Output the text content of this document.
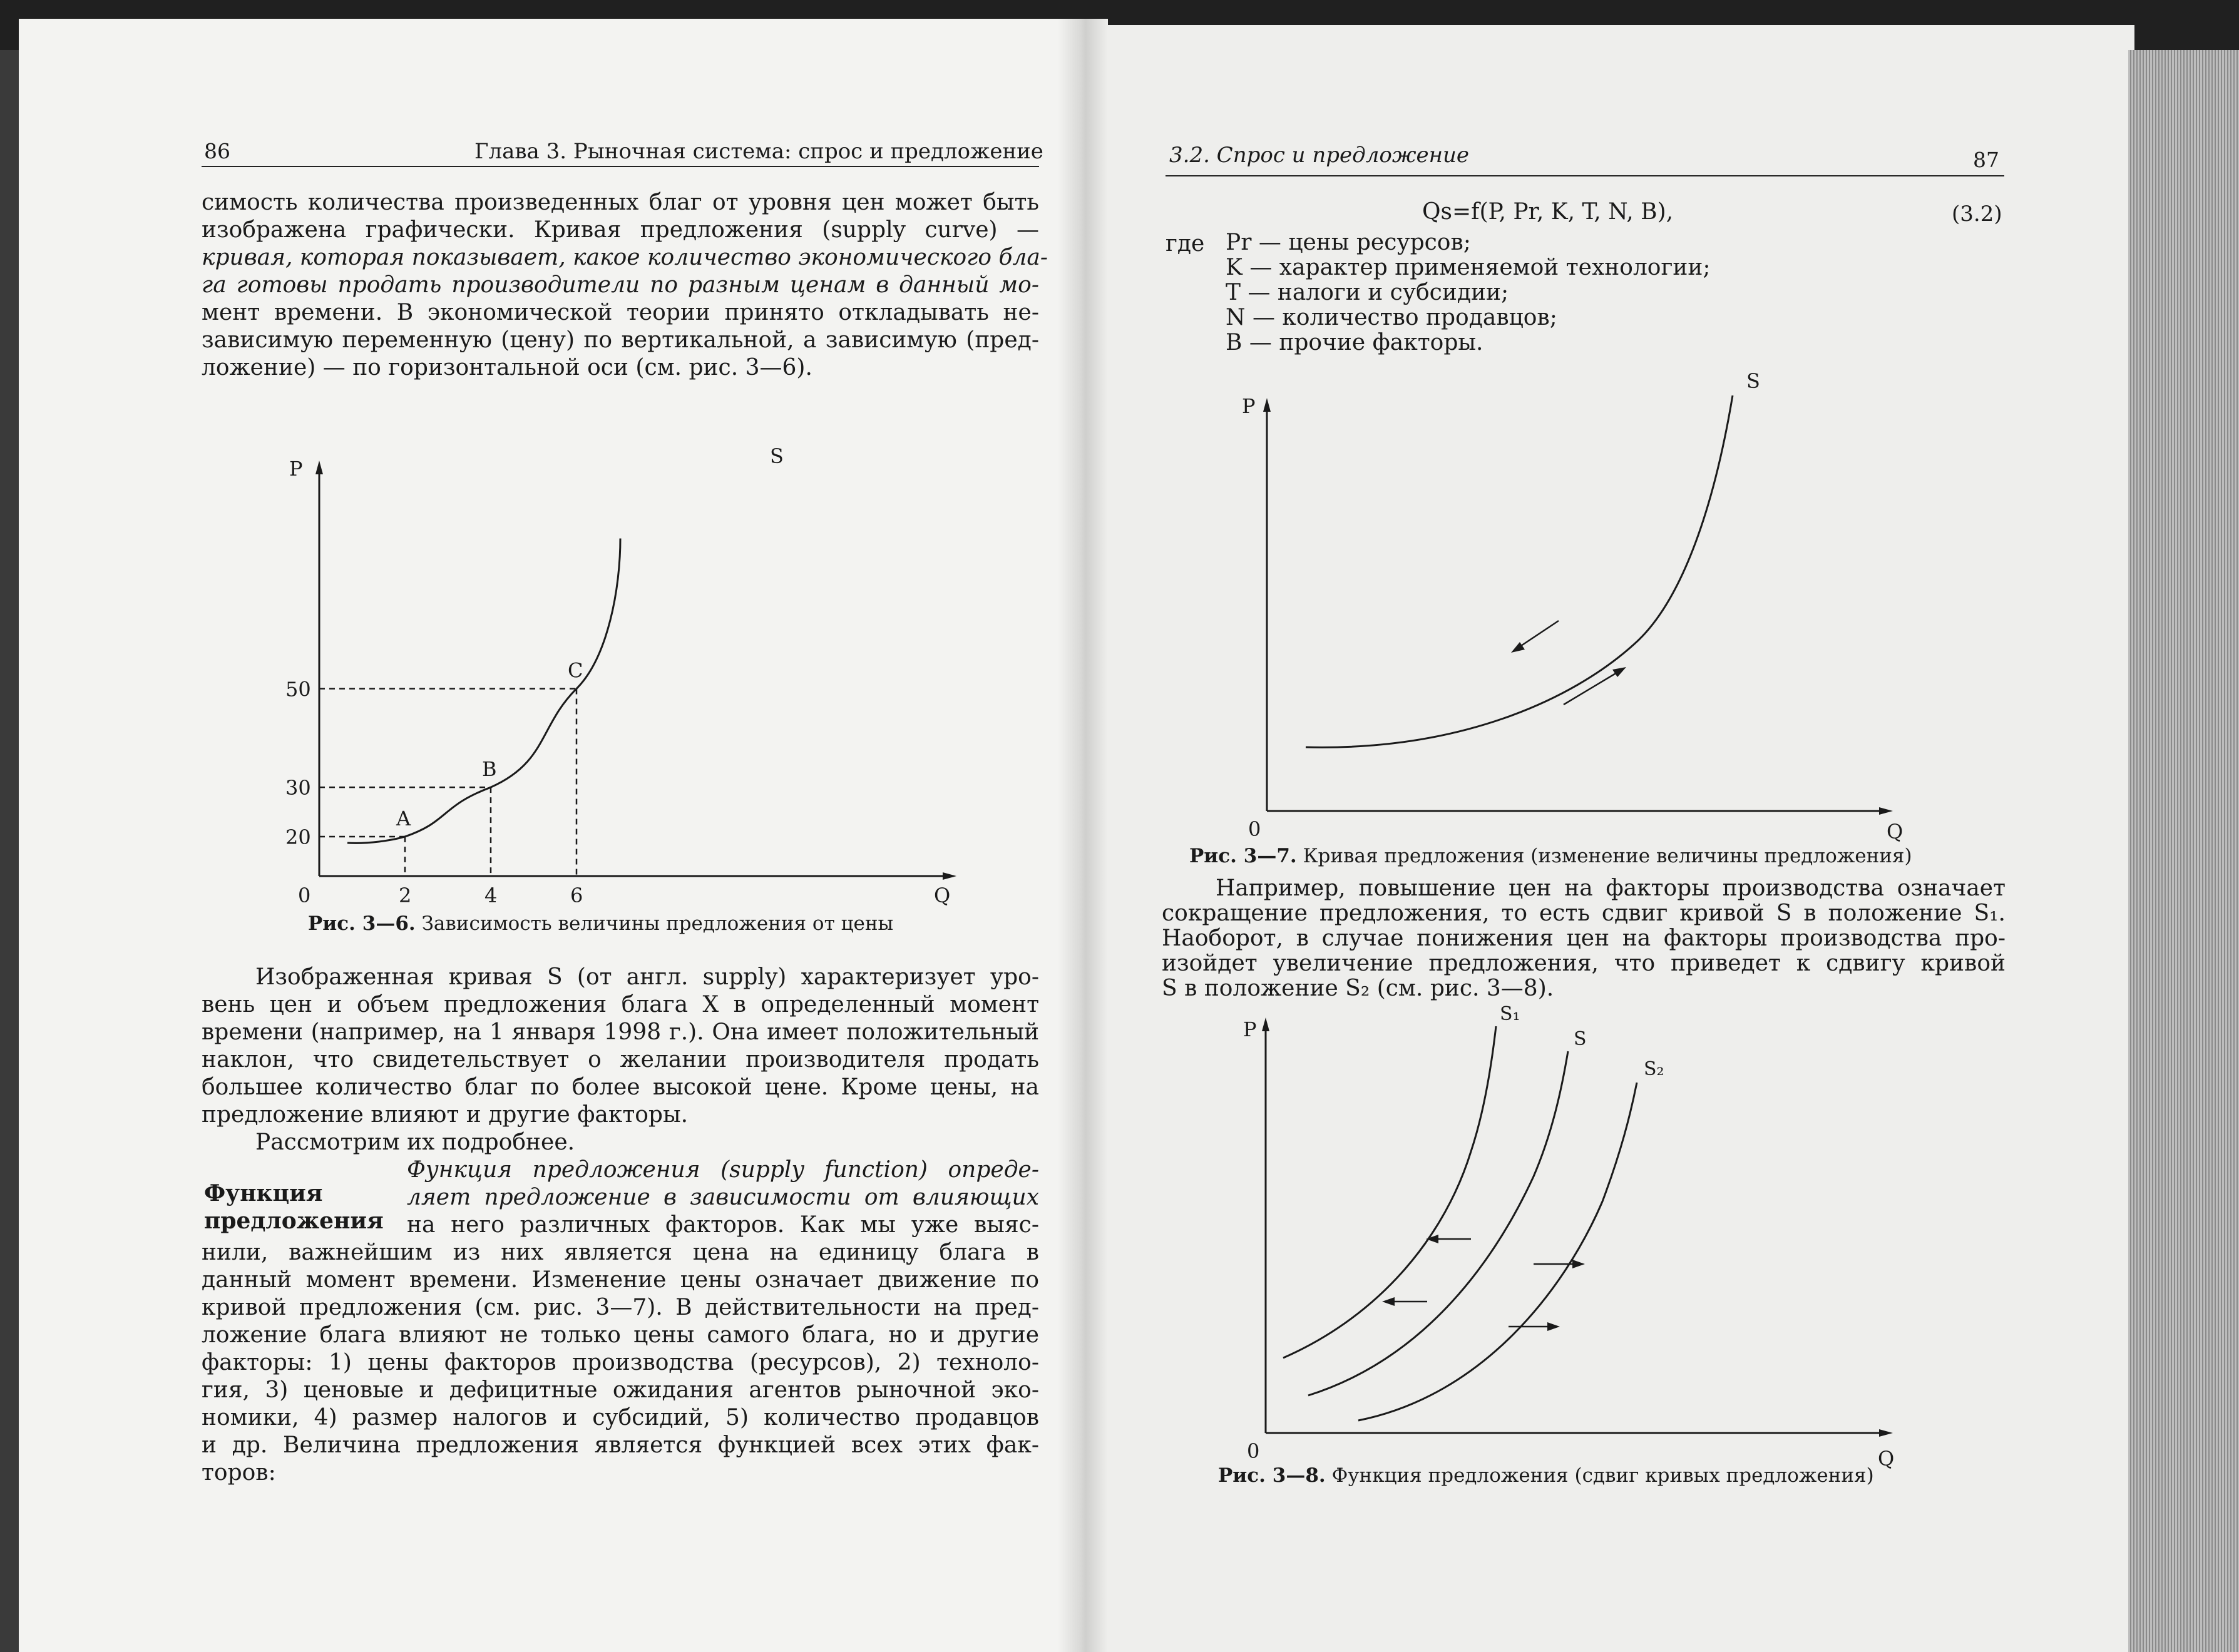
86	Глава 3. Рыночная система: спрос и предложение
симость количества произведенных благ от уровня цен может быть
изображена графически. Кривая предложения (supply curve) —
кривая, которая показывает, какое количество экономического бла-
га готовы продать производители по разным ценам в данный мо-
мент времени. В экономической теории принято откладывать не-
зависимую переменную (цену) по вертикальной, а зависимую (пред-
ложение) — по горизонтальной оси (см. рис. 3—6).
20
2
A
30
4
B
50
6
C
P
Q
0
S
Рис. 3—6. Зависимость величины предложения от цены
Изображенная кривая S (от англ. supply) характеризует уро-
вень цен и объем предложения блага X в определенный момент
времени (например, на 1 января 1998 г.). Она имеет положительный
наклон, что свидетельствует о желании производителя продать
большее количество благ по более высокой цене. Кроме цены, на
предложение влияют и другие факторы.
Рассмотрим их подробнее.
Функция
предложения
Функция предложения (supply function) опреде-
ляет предложение в зависимости от влияющих
на него различных факторов. Как мы уже выяс-
нили, важнейшим из них является цена на единицу блага в
данный момент времени. Изменение цены означает движение по
кривой предложения (см. рис. 3—7). В действительности на пред-
ложение блага влияют не только цены самого блага, но и другие
факторы: 1) цены факторов производства (ресурсов), 2) техноло-
гия, 3) ценовые и дефицитные ожидания агентов рыночной эко-
номики, 4) размер налогов и субсидий, 5) количество продавцов
и др. Величина предложения является функцией всех этих фак-
торов:
3.2. Спрос и предложение	87
Qs=f(P, Pr, K, T, N, B),	(3.2)
где Pr — цены ресурсов;
K — характер применяемой технологии;
T — налоги и субсидии;
N — количество продавцов;
B — прочие факторы.
P
Q
0
S
Рис. 3—7. Кривая предложения (изменение величины предложения)
Например, повышение цен на факторы производства означает
сокращение предложения, то есть сдвиг кривой S в положение S₁.
Наоборот, в случае понижения цен на факторы производства про-
изойдет увеличение предложения, что приведет к сдвигу кривой
S в положение S₂ (см. рис. 3—8).
P
Q
0
S₁
S
S₂
Рис. 3—8. Функция предложения (сдвиг кривых предложения)
